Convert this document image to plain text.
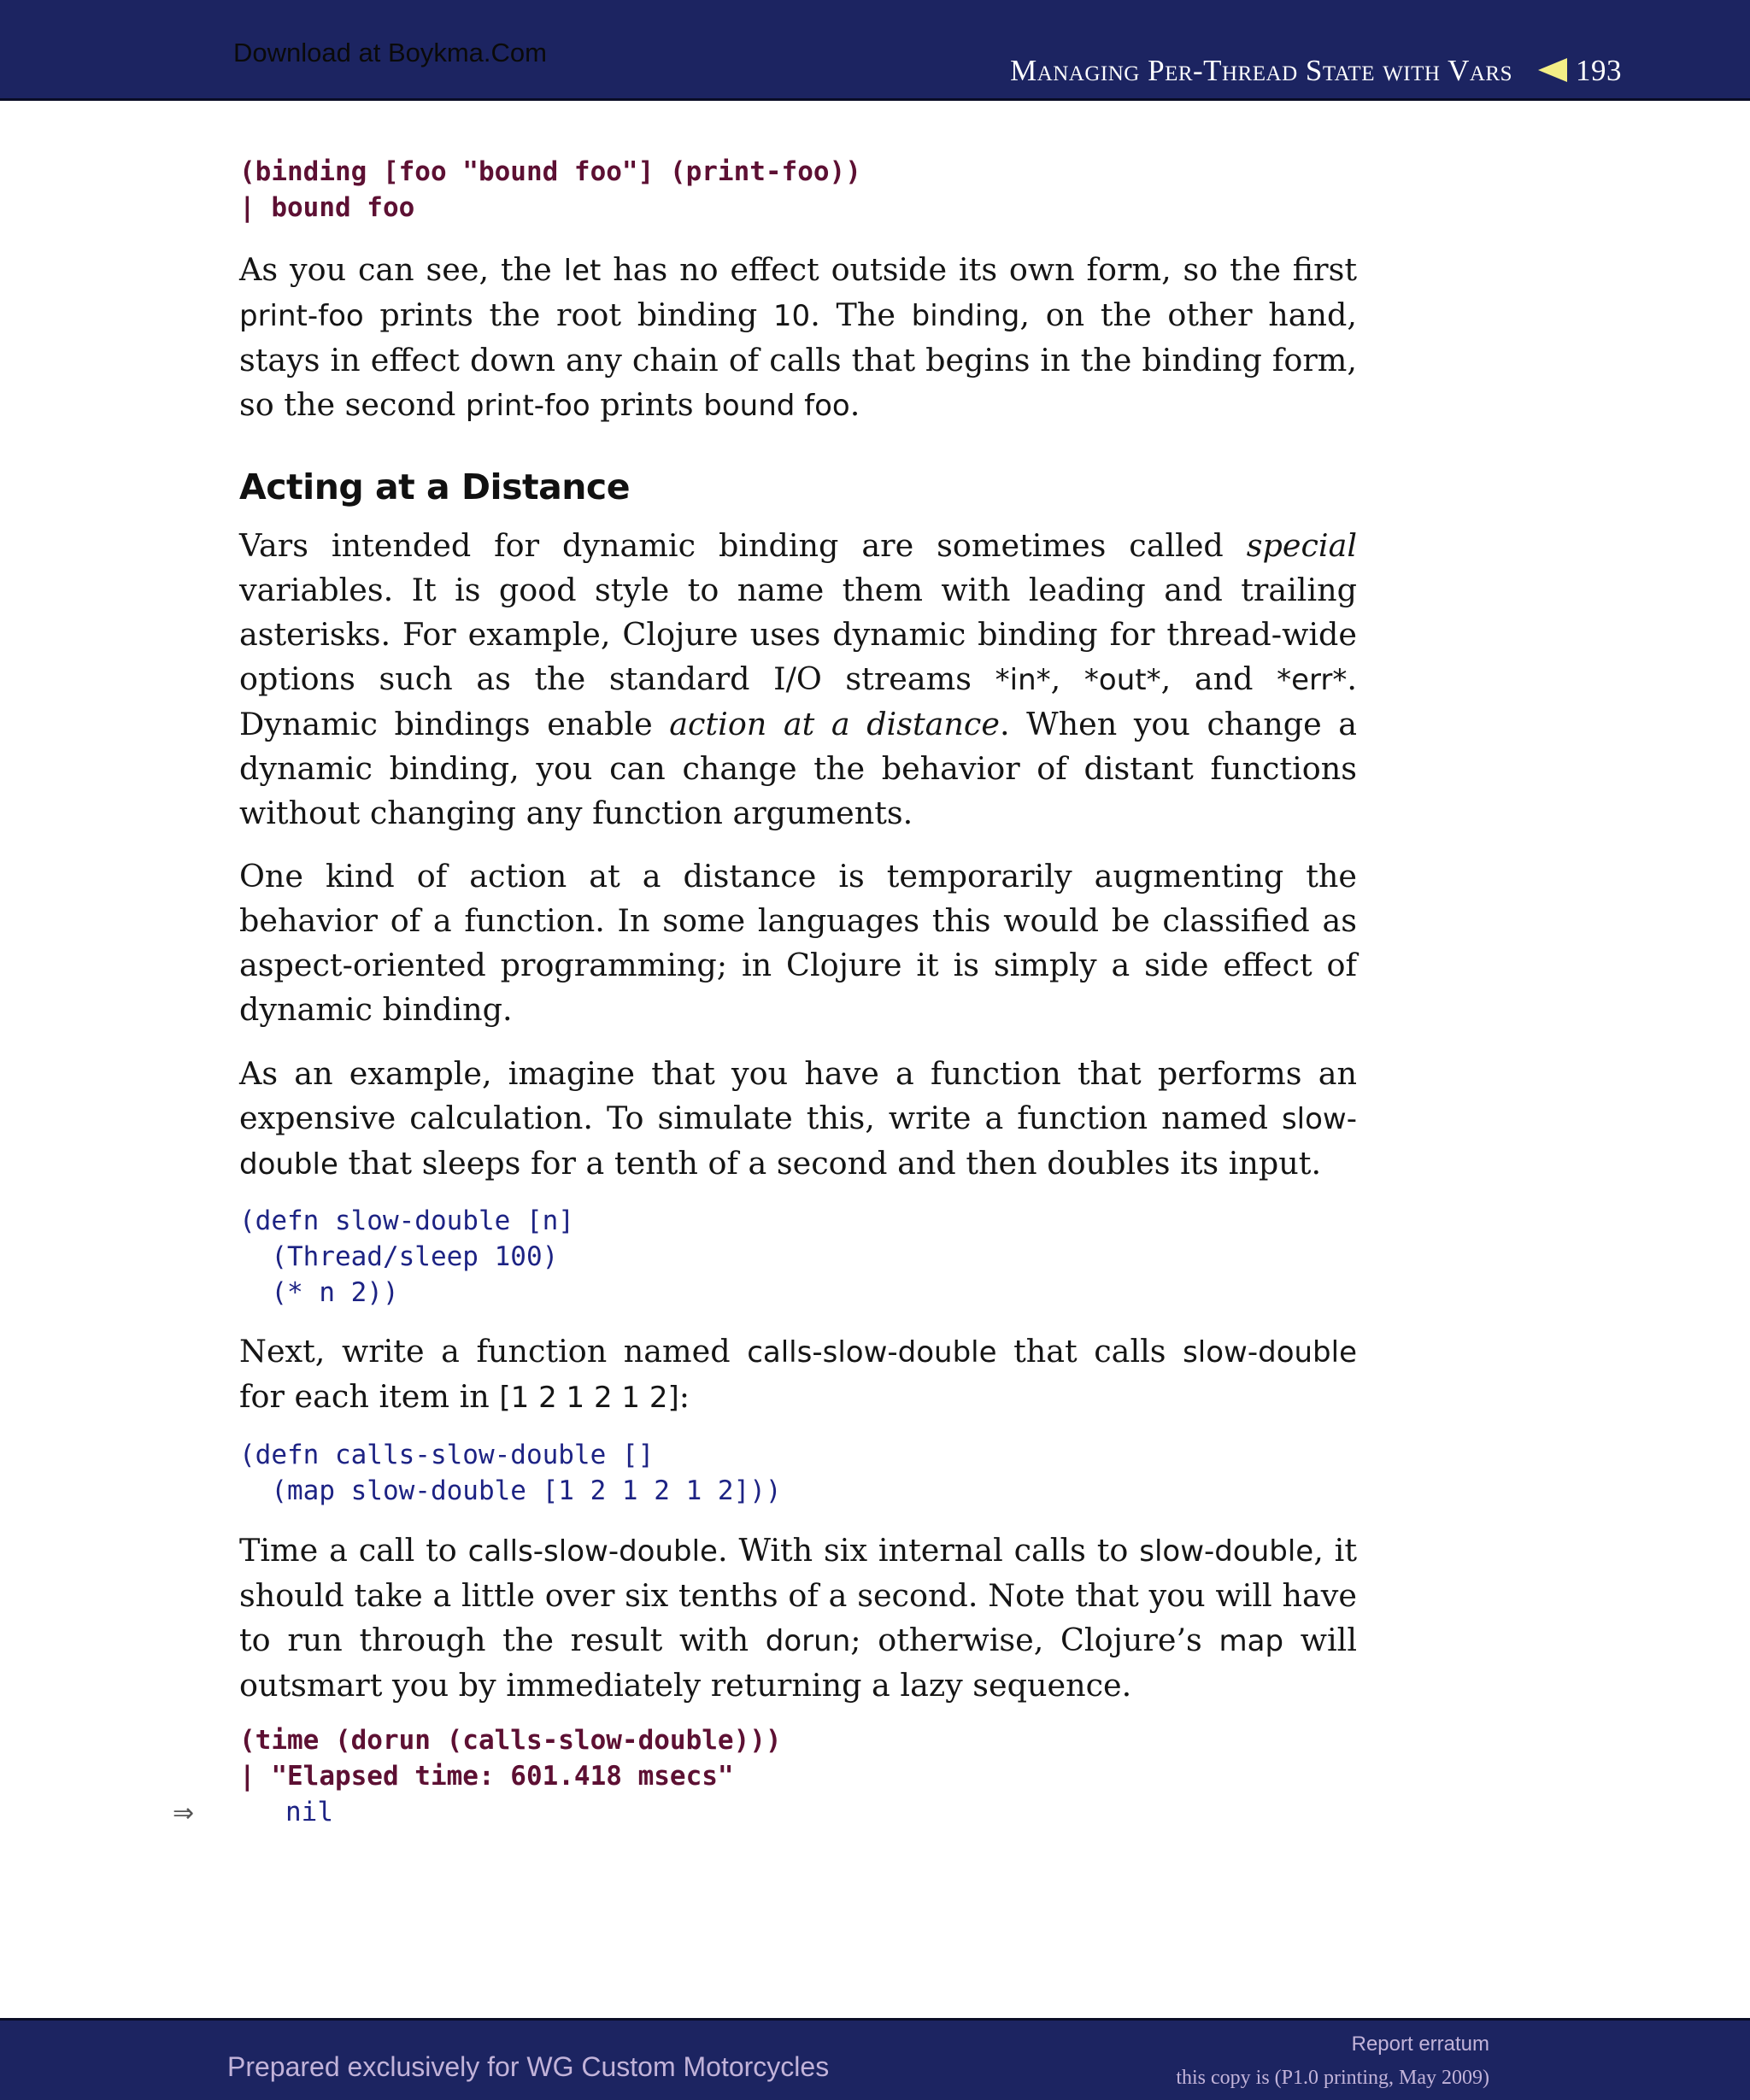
Download at Boykma.Com
Managing Per-Thread State with Vars 193
(binding [foo "bound foo"] (print-foo))
| bound foo

As you can see, the let has no effect outside its own form, so the first print-foo prints the root binding 10. The binding, on the other hand, stays in effect down any chain of calls that begins in the binding form, so the second print-foo prints bound foo.

Acting at a Distance

Vars intended for dynamic binding are sometimes called special variables. It is good style to name them with leading and trailing asterisks. For example, Clojure uses dynamic binding for thread-wide options such as the standard I/O streams *in*, *out*, and *err*. Dynamic bindings enable action at a distance. When you change a dynamic binding, you can change the behavior of distant functions without changing any function arguments.

One kind of action at a distance is temporarily augmenting the behavior of a function. In some languages this would be classified as aspect-oriented programming; in Clojure it is simply a side effect of dynamic binding.

As an example, imagine that you have a function that performs an expensive calculation. To simulate this, write a function named slow-double that sleeps for a tenth of a second and then doubles its input.

(defn slow-double [n]
(Thread/sleep 100)
(* n 2))

Next, write a function named calls-slow-double that calls slow-double for each item in [1 2 1 2 1 2]:

(defn calls-slow-double []
(map slow-double [1 2 1 2 1 2]))

Time a call to calls-slow-double. With six internal calls to slow-double, it should take a little over six tenths of a second. Note that you will have to run through the result with dorun; otherwise, Clojure’s map will outsmart you by immediately returning a lazy sequence.

(time (dorun (calls-slow-double)))
| "Elapsed time: 601.418 msecs"
⇒	nil
Prepared exclusively for WG Custom Motorcycles
Report erratum
this copy is (P1.0 printing, May 2009)
